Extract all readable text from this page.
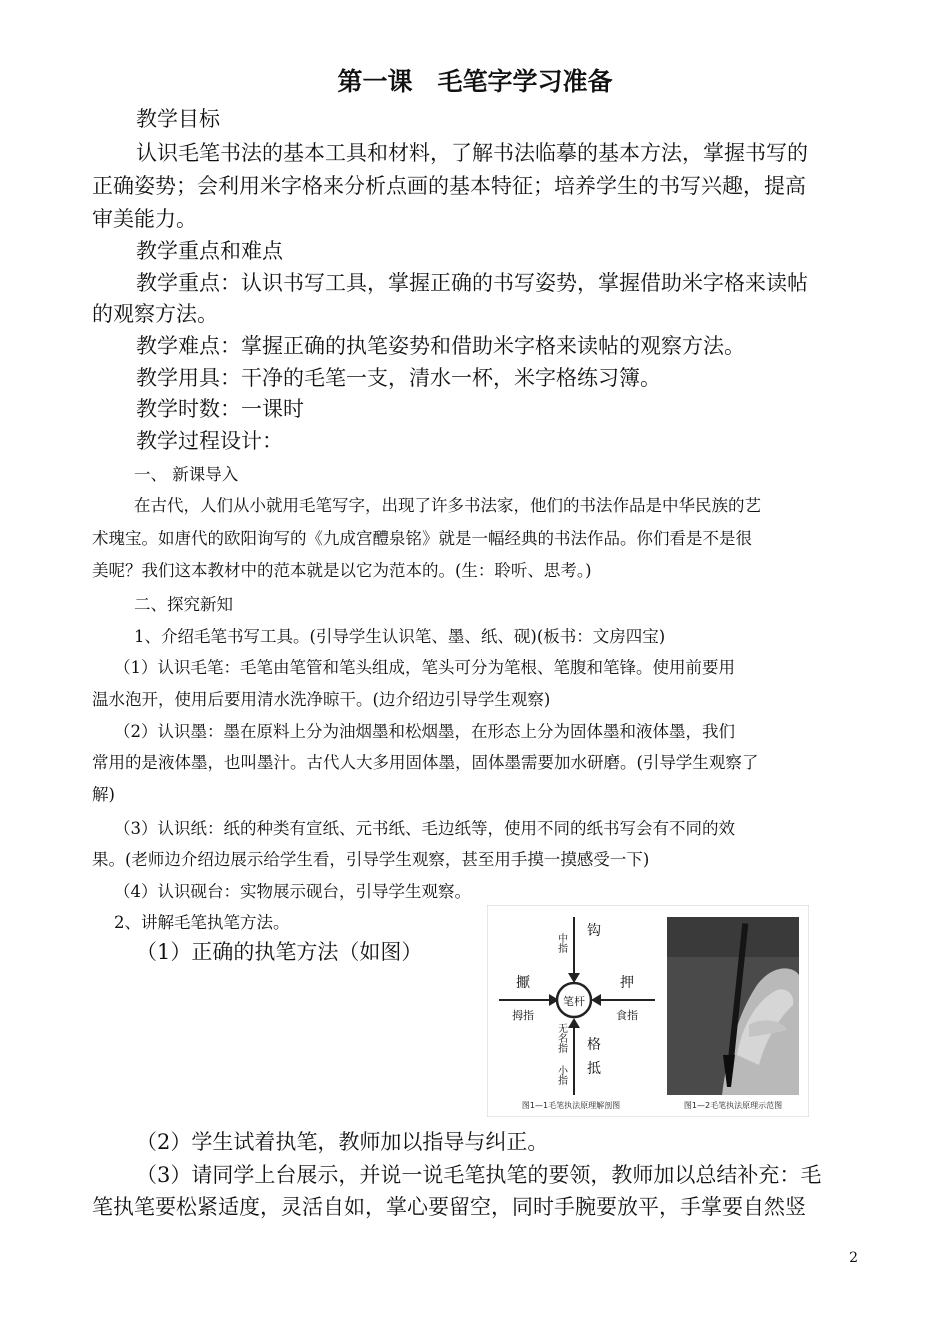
第一课　毛笔字学习准备
教学目标
认识毛笔书法的基本工具和材料，了解书法临摹的基本方法，掌握书写的
正确姿势；会利用米字格来分析点画的基本特征；培养学生的书写兴趣，提高
审美能力。
教学重点和难点
教学重点：认识书写工具，掌握正确的书写姿势，掌握借助米字格来读帖
的观察方法。
教学难点：掌握正确的执笔姿势和借助米字格来读帖的观察方法。
教学用具：干净的毛笔一支，清水一杯，米字格练习簿。
教学时数：一课时
教学过程设计：
一、 新课导入
在古代，人们从小就用毛笔写字，出现了许多书法家，他们的书法作品是中华民族的艺
术瑰宝。如唐代的欧阳询写的《九成宫醴泉铭》就是一幅经典的书法作品。你们看是不是很
美呢？我们这本教材中的范本就是以它为范本的。(生：聆听、思考。)
二、探究新知
1、介绍毛笔书写工具。(引导学生认识笔、墨、纸、砚)(板书：文房四宝)
（1）认识毛笔：毛笔由笔管和笔头组成，笔头可分为笔根、笔腹和笔锋。使用前要用
温水泡开，使用后要用清水洗净晾干。(边介绍边引导学生观察)
（2）认识墨：墨在原料上分为油烟墨和松烟墨，在形态上分为固体墨和液体墨，我们
常用的是液体墨，也叫墨汁。古代人大多用固体墨，固体墨需要加水研磨。(引导学生观察了
解)
（3）认识纸：纸的种类有宣纸、元书纸、毛边纸等，使用不同的纸书写会有不同的效
果。(老师边介绍边展示给学生看，引导学生观察，甚至用手摸一摸感受一下)
（4）认识砚台：实物展示砚台，引导学生观察。
2、讲解毛笔执笔方法。
（1）正确的执笔方法（如图）
（2）学生试着执笔，教师加以指导与纠正。
（3）请同学上台展示，并说一说毛笔执笔的要领，教师加以总结补充：毛
笔执笔要松紧适度，灵活自如，掌心要留空，同时手腕要放平，手掌要自然竖
笔杆
中指
钩
擫
拇指
押
食指
无名指
小指
格
抵
图1—1毛笔执法原理解剖图	图1—2毛笔执法原理示范图
2
